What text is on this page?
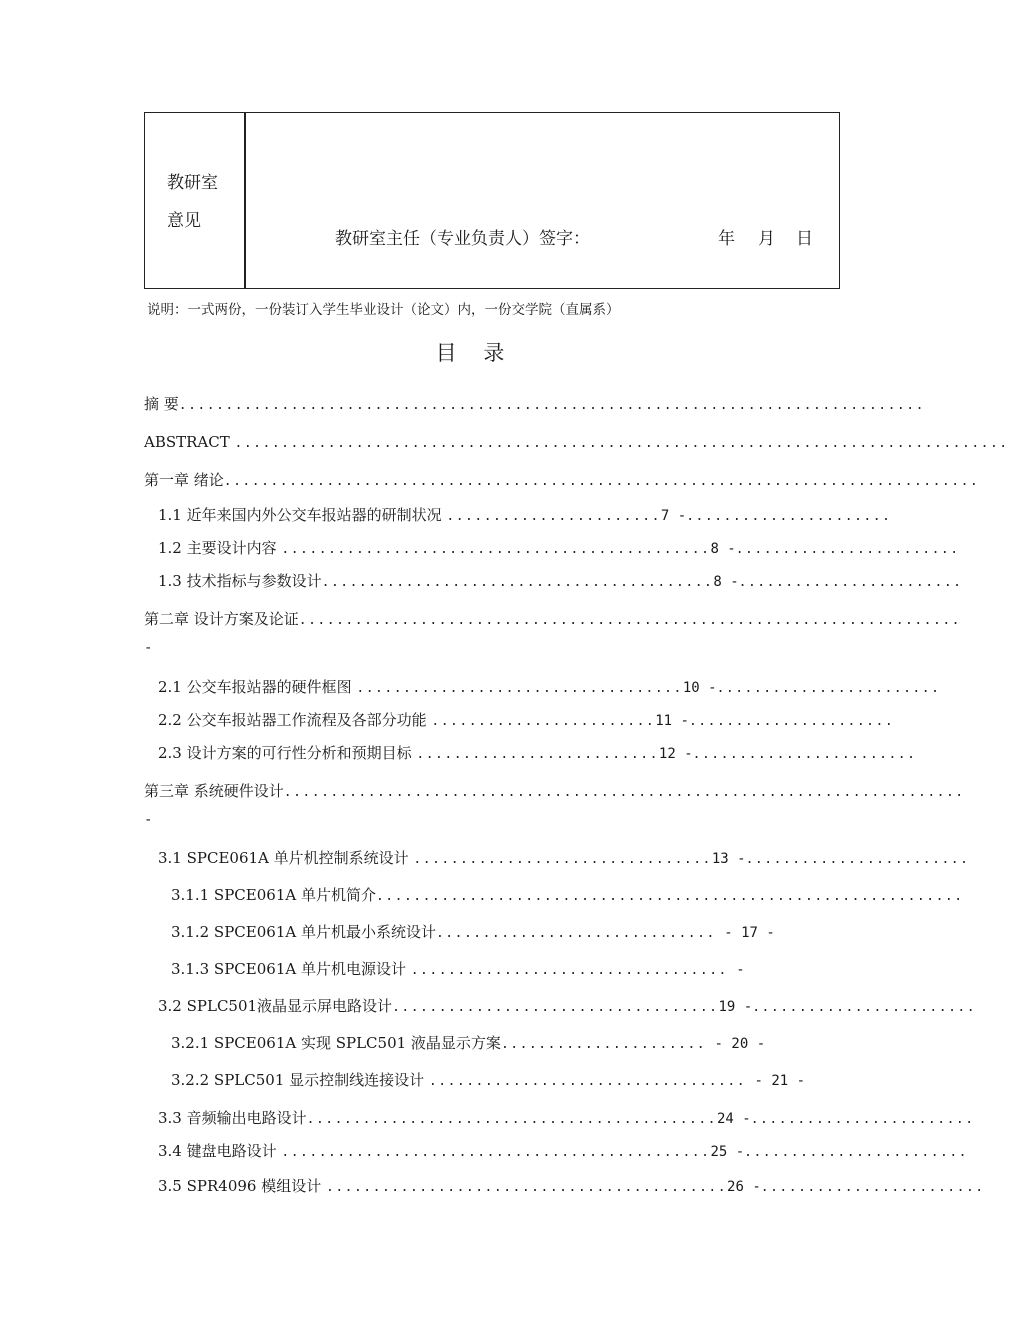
教研室
意见
教研室主任（专业负责人）签字：	年 月 日
说明：一式两份，一份装订入学生毕业设计（论文）内，一份交学院（直属系）
目 录
摘 要................................................................................
ABSTRACT ...................................................................................
第一章 绪论.................................................................................
1.1 近年来国内外公交车报站器的研制状况 .......................7 -......................
1.2 主要设计内容 ..............................................8 -........................
1.3 技术指标与参数设计..........................................8 -........................
第二章 设计方案及论证.......................................................................
-
2.1 公交车报站器的硬件框图 ...................................10 -........................
2.2 公交车报站器工作流程及各部分功能 ........................11 -......................
2.3 设计方案的可行性分析和预期目标 ..........................12 -........................
第三章 系统硬件设计.........................................................................
-
3.1 SPCE061A 单片机控制系统设计 ................................13 -........................
3.1.1 SPCE061A 单片机简介...............................................................
3.1.2 SPCE061A 单片机最小系统设计.............................. - 17 -
3.1.3 SPCE061A 单片机电源设计 .................................. -
3.2 SPLC501液晶显示屏电路设计...................................19 -........................
3.2.1 SPCE061A 实现 SPLC501 液晶显示方案...................... - 20 -
3.2.2 SPLC501 显示控制线连接设计 .................................. - 21 -
3.3 音频输出电路设计............................................24 -........................
3.4 键盘电路设计 ..............................................25 -........................
3.5 SPR4096 模组设计 ...........................................26 -........................
